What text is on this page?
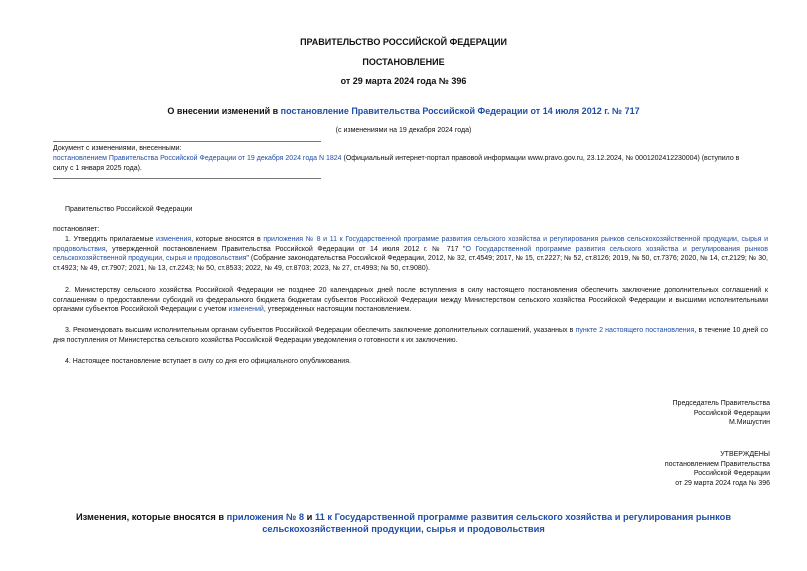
ПРАВИТЕЛЬСТВО РОССИЙСКОЙ ФЕДЕРАЦИИ
ПОСТАНОВЛЕНИЕ
от 29 марта 2024 года № 396
О внесении изменений в постановление Правительства Российской Федерации от 14 июля 2012 г. № 717
(с изменениями на 19 декабря 2024 года)
Документ с изменениями, внесенными:
постановлением Правительства Российской Федерации от 19 декабря 2024 года N 1824 (Официальный интернет-портал правовой информации www.pravo.gov.ru, 23.12.2024, № 0001202412230004) (вступило в
силу с 1 января 2025 года).
Правительство Российской Федерации
постановляет:
1. Утвердить прилагаемые изменения, которые вносятся в приложения № 8 и 11 к Государственной программе развития сельского хозяйства и регулирования рынков сельскохозяйственной продукции, сырья и продовольствия, утвержденной постановлением Правительства Российской Федерации от 14 июля 2012 г. № 717 "О Государственной программе развития сельского хозяйства и регулирования рынков сельскохозяйственной продукции, сырья и продовольствия" (Собрание законодательства Российской Федерации, 2012, № 32, ст.4549; 2017, № 15, ст.2227; № 52, ст.8126; 2019, № 50, ст.7376; 2020, № 14, ст.2129; № 30, ст.4923; № 49, ст.7907; 2021, № 13, ст.2243; № 50, ст.8533; 2022, № 49, ст.8703; 2023, № 27, ст.4993; № 50, ст.9080).
2. Министерству сельского хозяйства Российской Федерации не позднее 20 календарных дней после вступления в силу настоящего постановления обеспечить заключение дополнительных соглашений к соглашениям о предоставлении субсидий из федерального бюджета бюджетам субъектов Российской Федерации между Министерством сельского хозяйства Российской Федерации и высшими исполнительными органами субъектов Российской Федерации с учетом изменений, утвержденных настоящим постановлением.
3. Рекомендовать высшим исполнительным органам субъектов Российской Федерации обеспечить заключение дополнительных соглашений, указанных в пункте 2 настоящего постановления, в течение 10 дней со дня поступления от Министерства сельского хозяйства Российской Федерации уведомления о готовности к их заключению.
4. Настоящее постановление вступает в силу со дня его официального опубликования.
Председатель Правительства
Российской Федерации
М.Мишустин
УТВЕРЖДЕНЫ
постановлением Правительства
Российской Федерации
от 29 марта 2024 года № 396
Изменения, которые вносятся в приложения № 8 и 11 к Государственной программе развития сельского хозяйства и регулирования рынков сельскохозяйственной продукции, сырья и продовольствия
